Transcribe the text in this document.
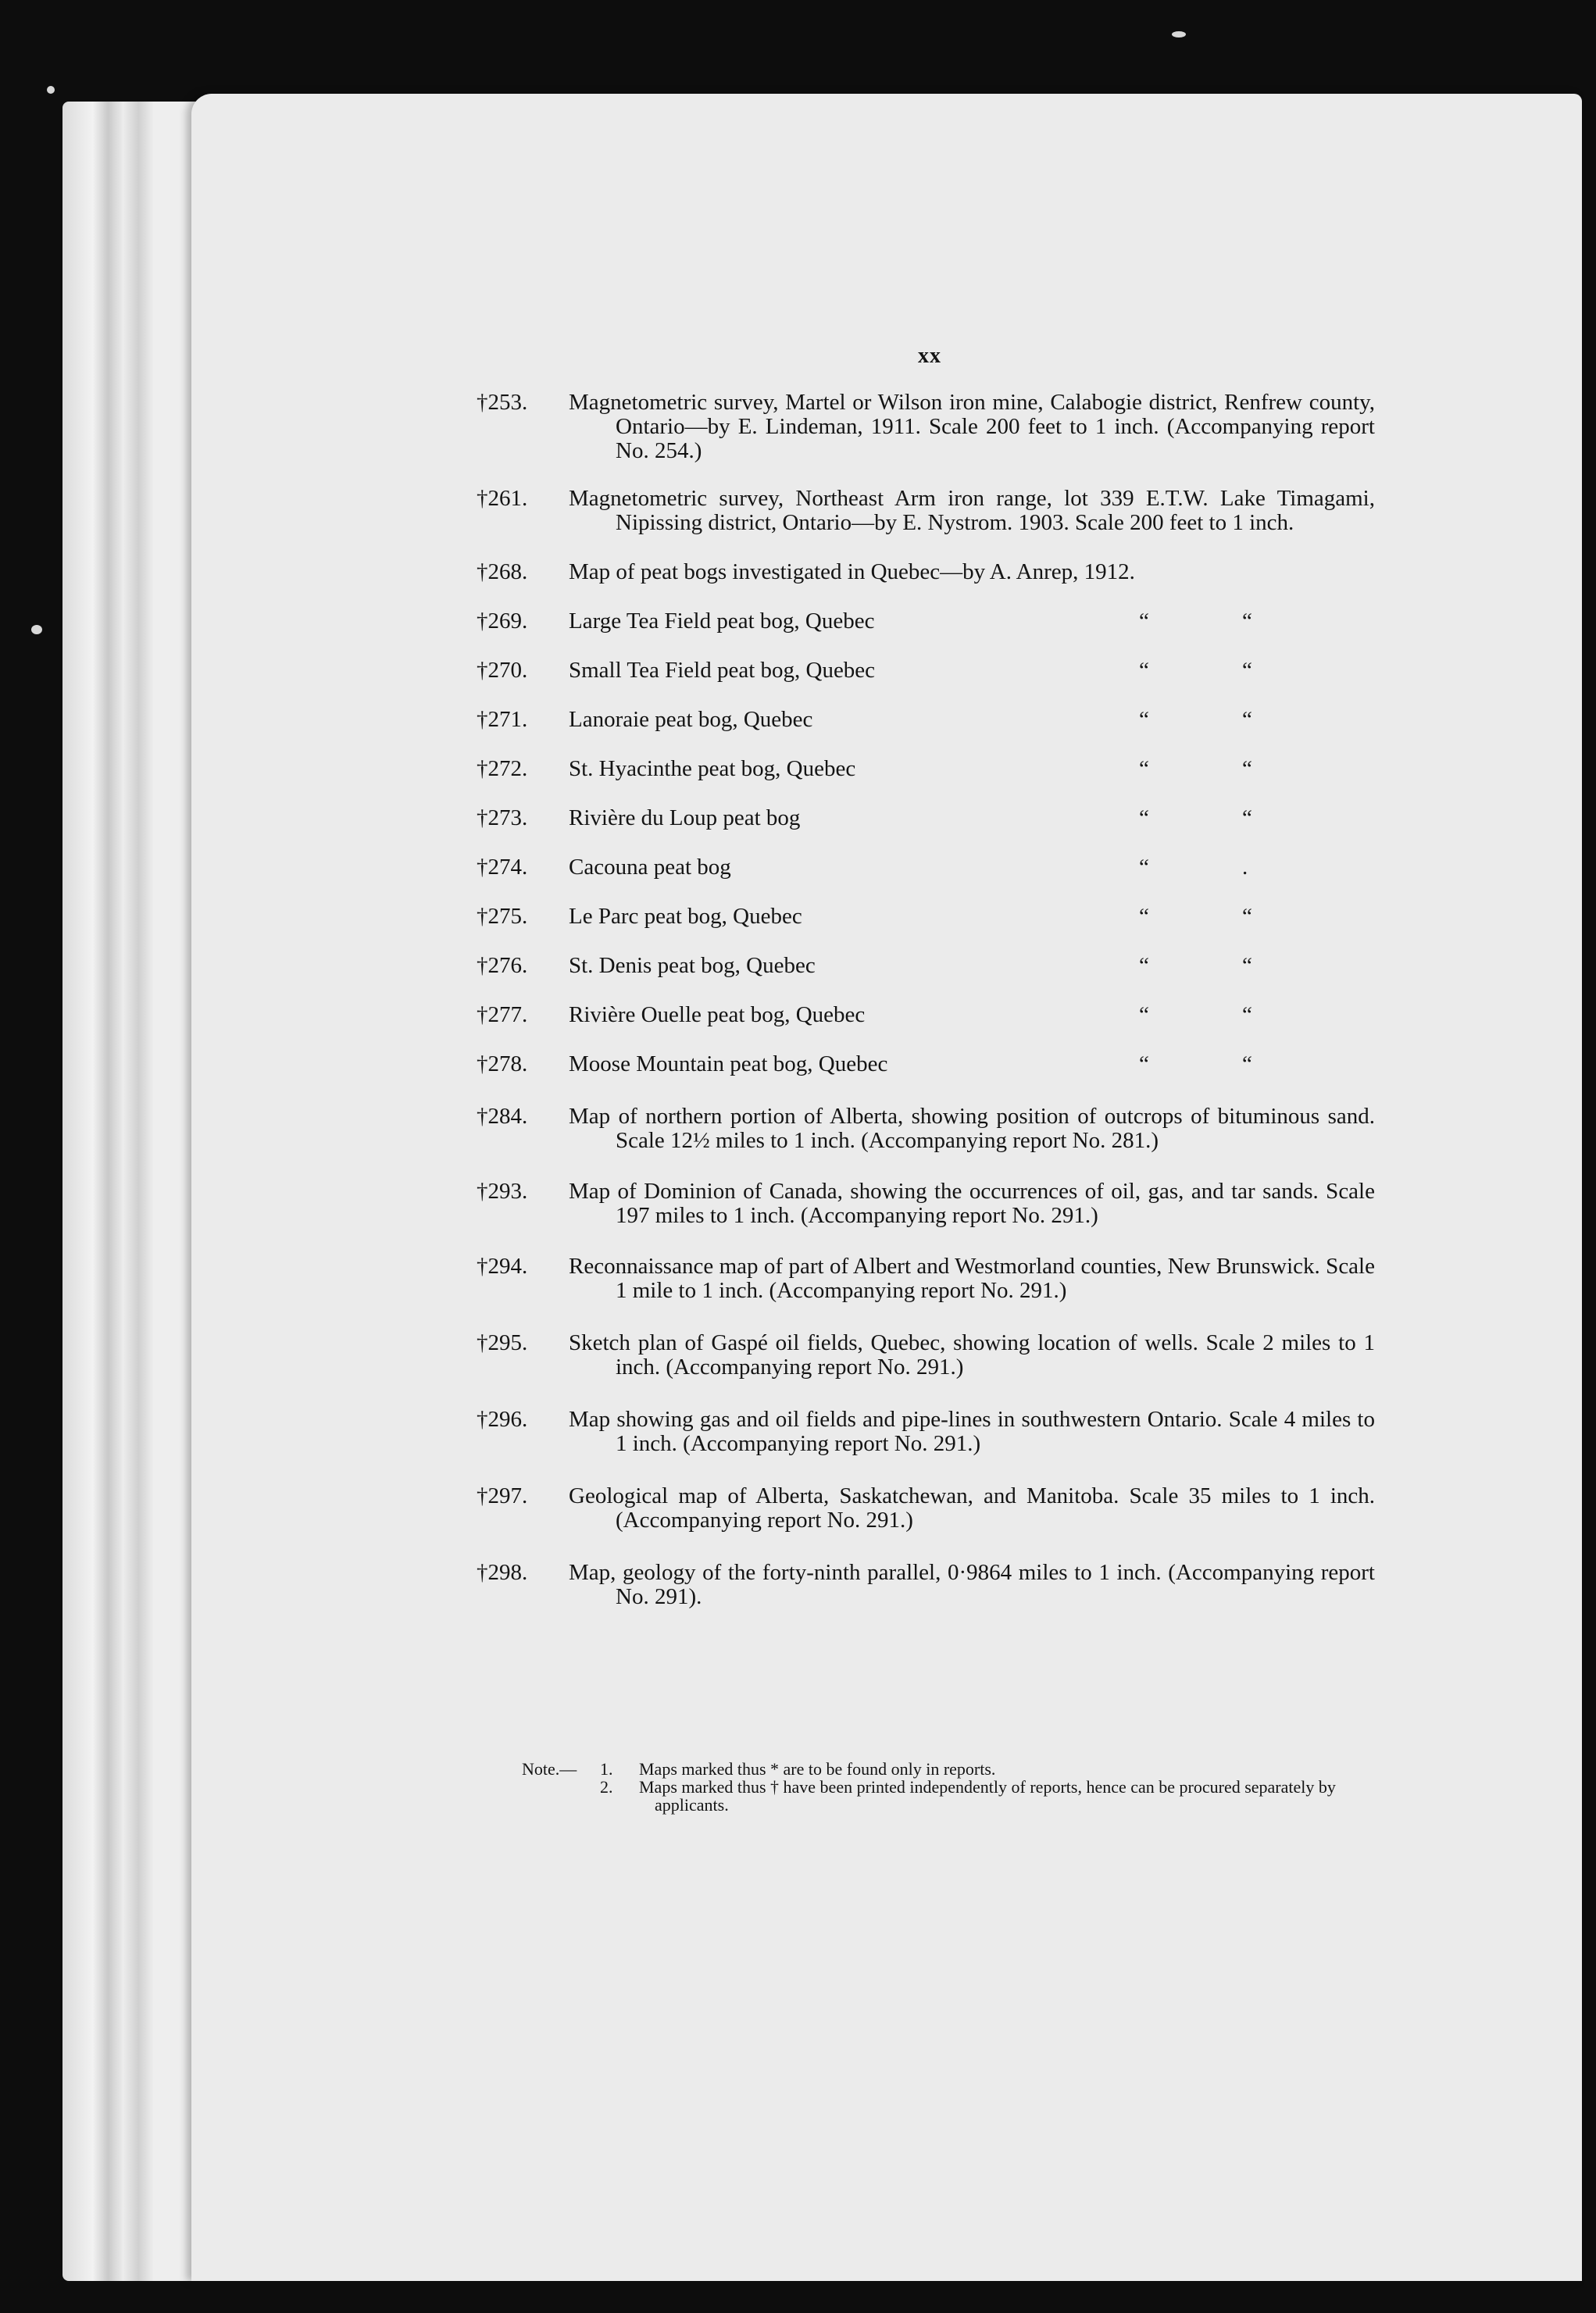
xx
†253. Magnetometric survey, Martel or Wilson iron mine, Calabogie district, Renfrew county, Ontario—by E. Lindeman, 1911. Scale 200 feet to 1 inch. (Accompanying report No. 254.)
†261. Magnetometric survey, Northeast Arm iron range, lot 339 E.T.W. Lake Timagami, Nipissing district, Ontario—by E. Nystrom. 1903. Scale 200 feet to 1 inch.
†268. Map of peat bogs investigated in Quebec—by A. Anrep, 1912.
†269. Large Tea Field peat bog, Quebec	“	“
†270. Small Tea Field peat bog, Quebec	“	“
†271. Lanoraie peat bog, Quebec	“	“
†272. St. Hyacinthe peat bog, Quebec	“	“
†273. Rivière du Loup peat bog	“	“
†274. Cacouna peat bog	“	.
†275. Le Parc peat bog, Quebec	“	“
†276. St. Denis peat bog, Quebec	“	“
†277. Rivière Ouelle peat bog, Quebec	“	“
†278. Moose Mountain peat bog, Quebec	“	“
†284. Map of northern portion of Alberta, showing position of outcrops of bituminous sand. Scale 12½ miles to 1 inch. (Accompanying report No. 281.)
†293. Map of Dominion of Canada, showing the occurrences of oil, gas, and tar sands. Scale 197 miles to 1 inch. (Accompanying report No. 291.)
†294. Reconnaissance map of part of Albert and Westmorland counties, New Brunswick. Scale 1 mile to 1 inch. (Accompanying report No. 291.)
†295. Sketch plan of Gaspé oil fields, Quebec, showing location of wells. Scale 2 miles to 1 inch. (Accompanying report No. 291.)
†296. Map showing gas and oil fields and pipe-lines in southwestern Ontario. Scale 4 miles to 1 inch. (Accompanying report No. 291.)
†297. Geological map of Alberta, Saskatchewan, and Manitoba. Scale 35 miles to 1 inch. (Accompanying report No. 291.)
†298. Map, geology of the forty-ninth parallel, 0·9864 miles to 1 inch. (Accompanying report No. 291).
Note.— 1. Maps marked thus * are to be found only in reports.
2. Maps marked thus † have been printed independently of reports, hence can be procured separately by applicants.
